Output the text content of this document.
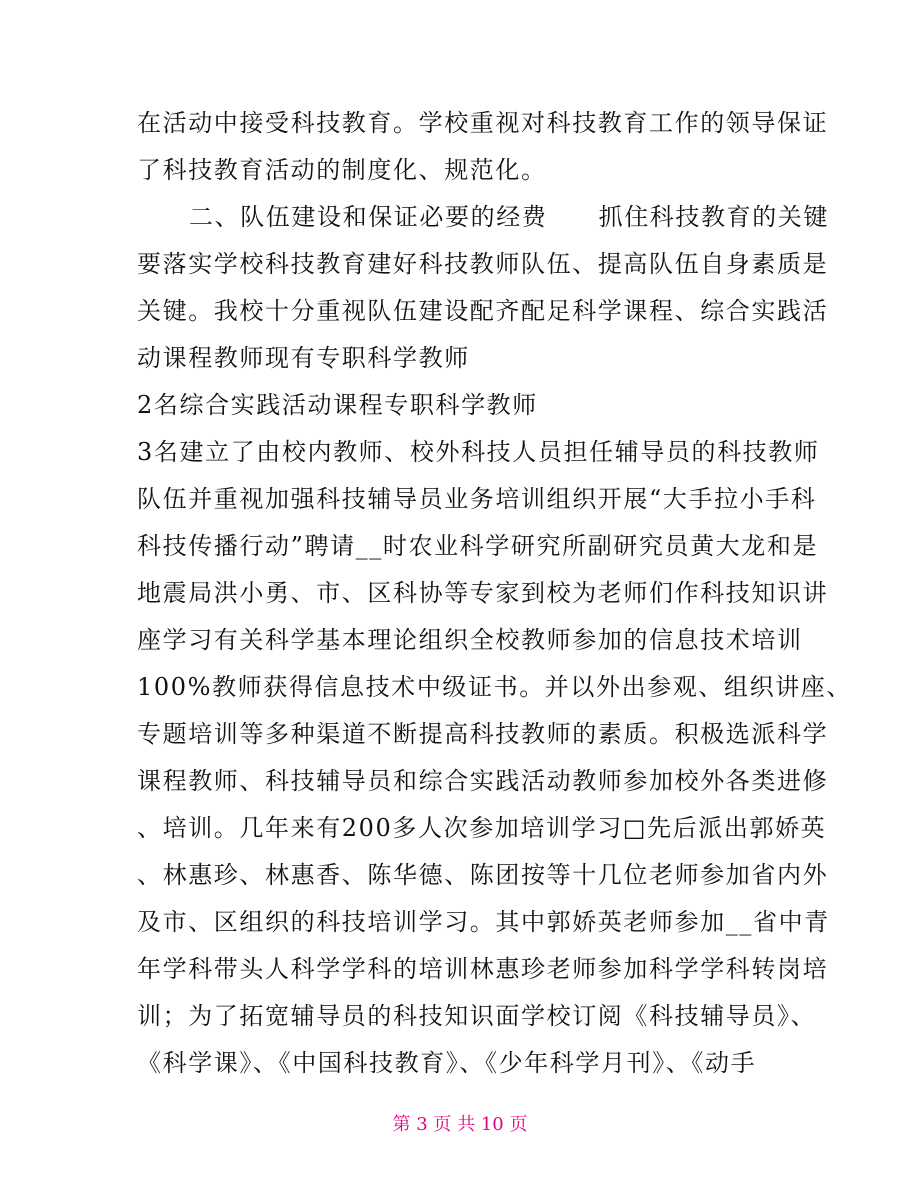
在活动中接受科技教育。学校重视对科技教育工作的领导保证
了科技教育活动的制度化、规范化。
二、队伍建设和保证必要的经费　　抓住科技教育的关键
要落实学校科技教育建好科技教师队伍、提高队伍自身素质是
关键。我校十分重视队伍建设配齐配足科学课程、综合实践活
动课程教师现有专职科学教师
2名综合实践活动课程专职科学教师
3名建立了由校内教师、校外科技人员担任辅导员的科技教师
队伍并重视加强科技辅导员业务培训组织开展“大手拉小手科
科技传播行动”聘请__时农业科学研究所副研究员黄大龙和是
地震局洪小勇、市、区科协等专家到校为老师们作科技知识讲
座学习有关科学基本理论组织全校教师参加的信息技术培训
100%教师获得信息技术中级证书。并以外出参观、组织讲座、
专题培训等多种渠道不断提高科技教师的素质。积极选派科学
课程教师、科技辅导员和综合实践活动教师参加校外各类进修
、培训。几年来有200多人次参加培训学习□先后派出郭娇英
、林惠珍、林惠香、陈华德、陈团按等十几位老师参加省内外
及市、区组织的科技培训学习。其中郭娇英老师参加__省中青
年学科带头人科学学科的培训林惠珍老师参加科学学科转岗培
训；为了拓宽辅导员的科技知识面学校订阅《科技辅导员》、
《科学课》、《中国科技教育》、《少年科学月刊》、《动手
第 3 页 共 10 页
